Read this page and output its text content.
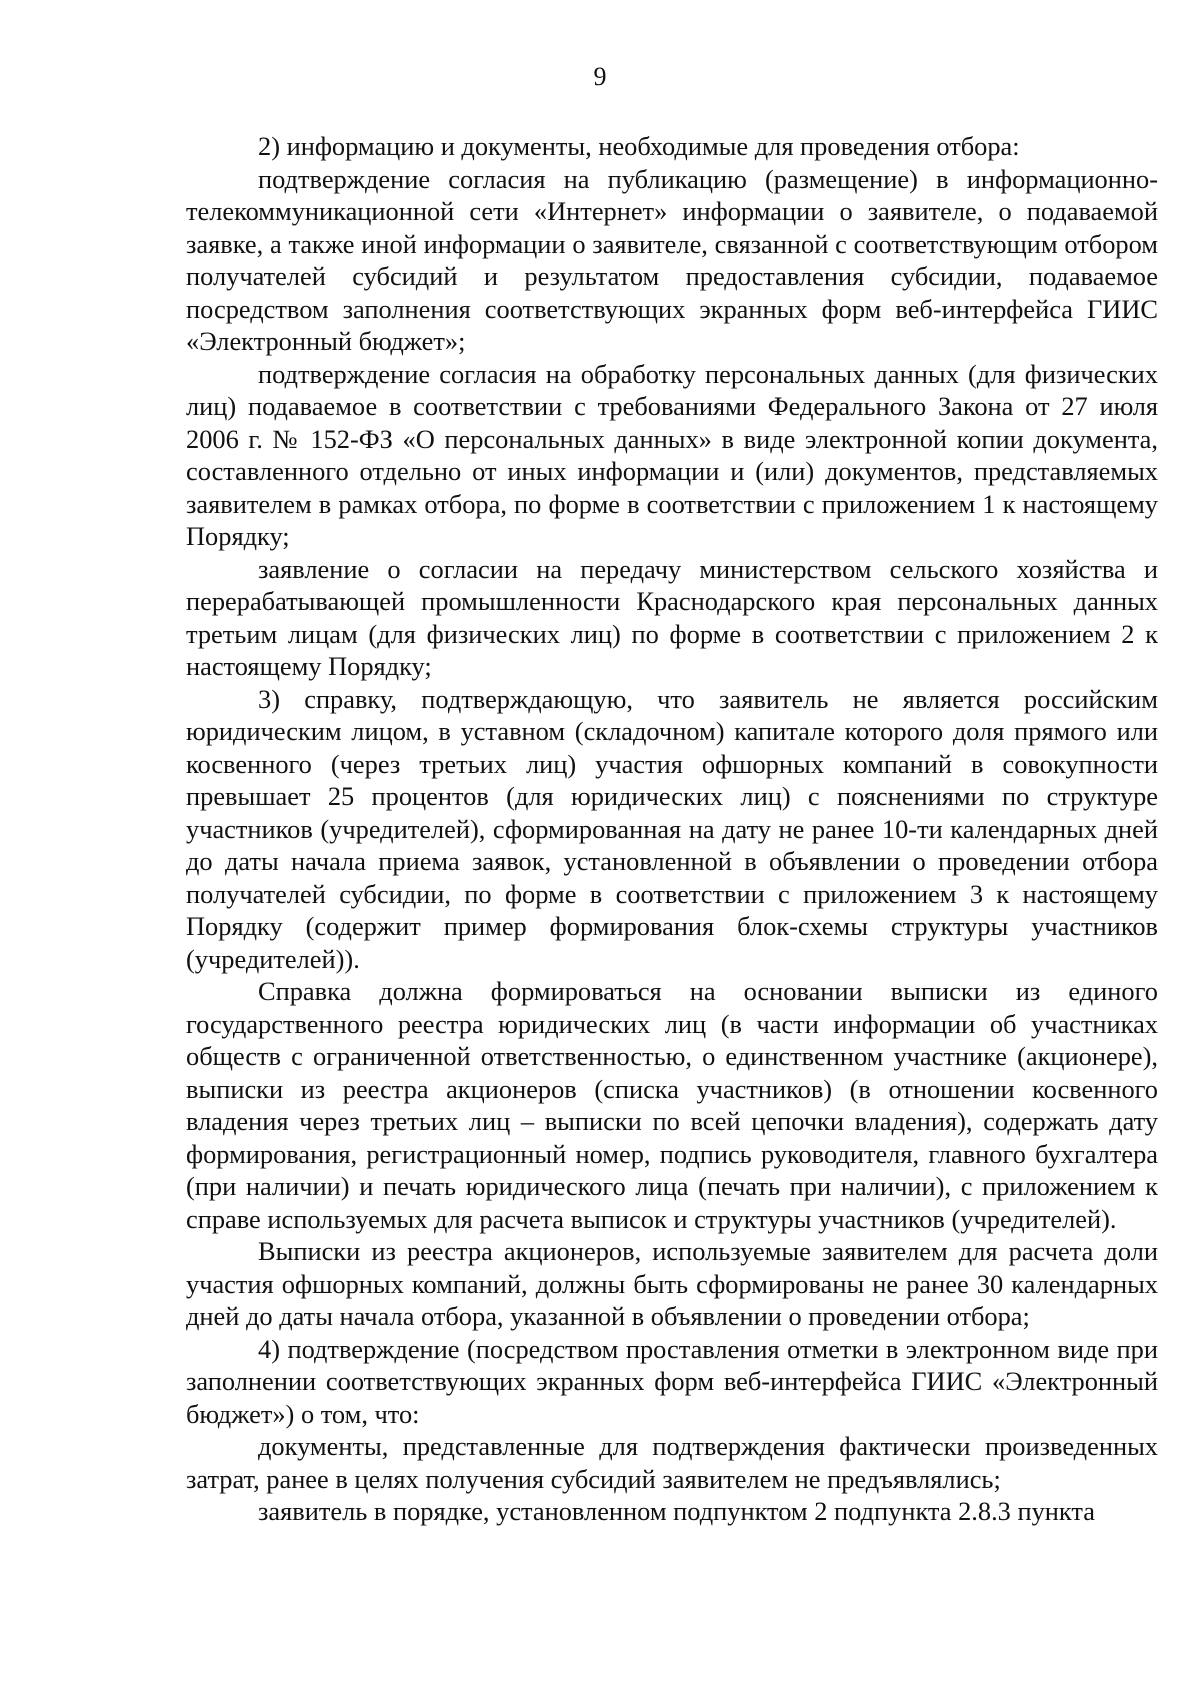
9

2) информацию и документы, необходимые для проведения отбора:

подтверждение согласия на публикацию (размещение) в информационно-телекоммуникационной сети «Интернет» информации о заявителе, о подаваемой заявке, а также иной информации о заявителе, связанной с соответствующим отбором получателей субсидий и результатом предоставления субсидии, подаваемое посредством заполнения соответствующих экранных форм веб-интерфейса ГИИС «Электронный бюджет»;

подтверждение согласия на обработку персональных данных (для физических лиц) подаваемое в соответствии с требованиями Федерального Закона от 27 июля 2006 г. № 152-ФЗ «О персональных данных» в виде электронной копии документа, составленного отдельно от иных информации и (или) документов, представляемых заявителем в рамках отбора, по форме в соответствии с приложением 1 к настоящему Порядку;

заявление о согласии на передачу министерством сельского хозяйства и перерабатывающей промышленности Краснодарского края персональных данных третьим лицам (для физических лиц) по форме в соответствии с приложением 2 к настоящему Порядку;

3) справку, подтверждающую, что заявитель не является российским юридическим лицом, в уставном (складочном) капитале которого доля прямого или косвенного (через третьих лиц) участия офшорных компаний в совокупности превышает 25 процентов (для юридических лиц) с пояснениями по структуре участников (учредителей), сформированная на дату не ранее 10-ти календарных дней до даты начала приема заявок, установленной в объявлении о проведении отбора получателей субсидии, по форме в соответствии с приложением 3 к настоящему Порядку (содержит пример формирования блок-схемы структуры участников (учредителей)).

Справка должна формироваться на основании выписки из единого государственного реестра юридических лиц (в части информации об участниках обществ с ограниченной ответственностью, о единственном участнике (акционере), выписки из реестра акционеров (списка участников) (в отношении косвенного владения через третьих лиц – выписки по всей цепочки владения), содержать дату формирования, регистрационный номер, подпись руководителя, главного бухгалтера (при наличии) и печать юридического лица (печать при наличии), с приложением к справе используемых для расчета выписок и структуры участников (учредителей).

Выписки из реестра акционеров, используемые заявителем для расчета доли участия офшорных компаний, должны быть сформированы не ранее 30 календарных дней до даты начала отбора, указанной в объявлении о проведении отбора;

4) подтверждение (посредством проставления отметки в электронном виде при заполнении соответствующих экранных форм веб-интерфейса ГИИС «Электронный бюджет») о том, что:

документы, представленные для подтверждения фактически произведенных затрат, ранее в целях получения субсидий заявителем не предъявлялись;

заявитель в порядке, установленном подпунктом 2 подпункта 2.8.3 пункта
